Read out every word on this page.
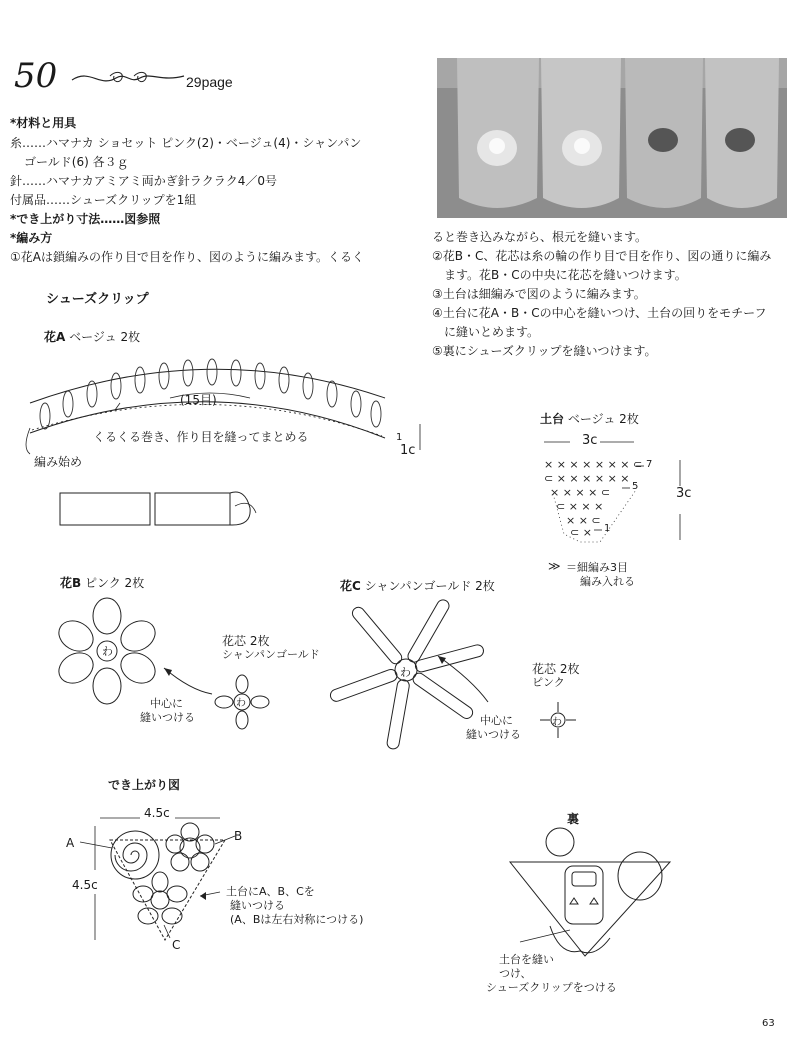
50	29page
*材料と用具
糸……ハマナカ ショセット ピンク(2)・ベージュ(4)・シャンパン
ゴールド(6) 各３ｇ
針……ハマナカアミアミ両かぎ針ラクラク4／0号
付属品……シューズクリップを1組
*でき上がり寸法……図参照
*編み方
①花Aは鎖編みの作り目で目を作り、図のように編みます。くるく
ると巻き込みながら、根元を縫います。
②花B・C、花芯は糸の輪の作り目で目を作り、図の通りに編み
ます。花B・Cの中央に花芯を縫いつけます。
③土台は細編みで図のように編みます。
④土台に花A・B・Cの中心を縫いつけ、土台の回りをモチーフ
に縫いとめます。
⑤裏にシューズクリップを縫いつけます。
シューズクリップ
花A ベージュ 2枚
(15目)
くるくる巻き、作り目を縫ってまとめる
編み始め
1
1c
土台 ベージュ 2枚
× × × × × × × ⊂
⊂ × × × × × ×
× × × × ⊂
⊂ × × ×
× × ⊂
⊂ ×
≫
3c
3c
7
5
1
＝細編み3目
編み入れる
花B ピンク 2枚
わ
花芯 2枚
シャンパンゴールド
わ
中心に
縫いつける
花C シャンパンゴールド 2枚
わ	花芯 2枚
ピンク
わ
中心に
縫いつける
でき上がり図
4.5c
4.5c
A	B
C
土台にA、B、Cを
縫いつける
(A、Bは左右対称につける)
裏
土台を縫い
つけ、
シューズクリップをつける
63
